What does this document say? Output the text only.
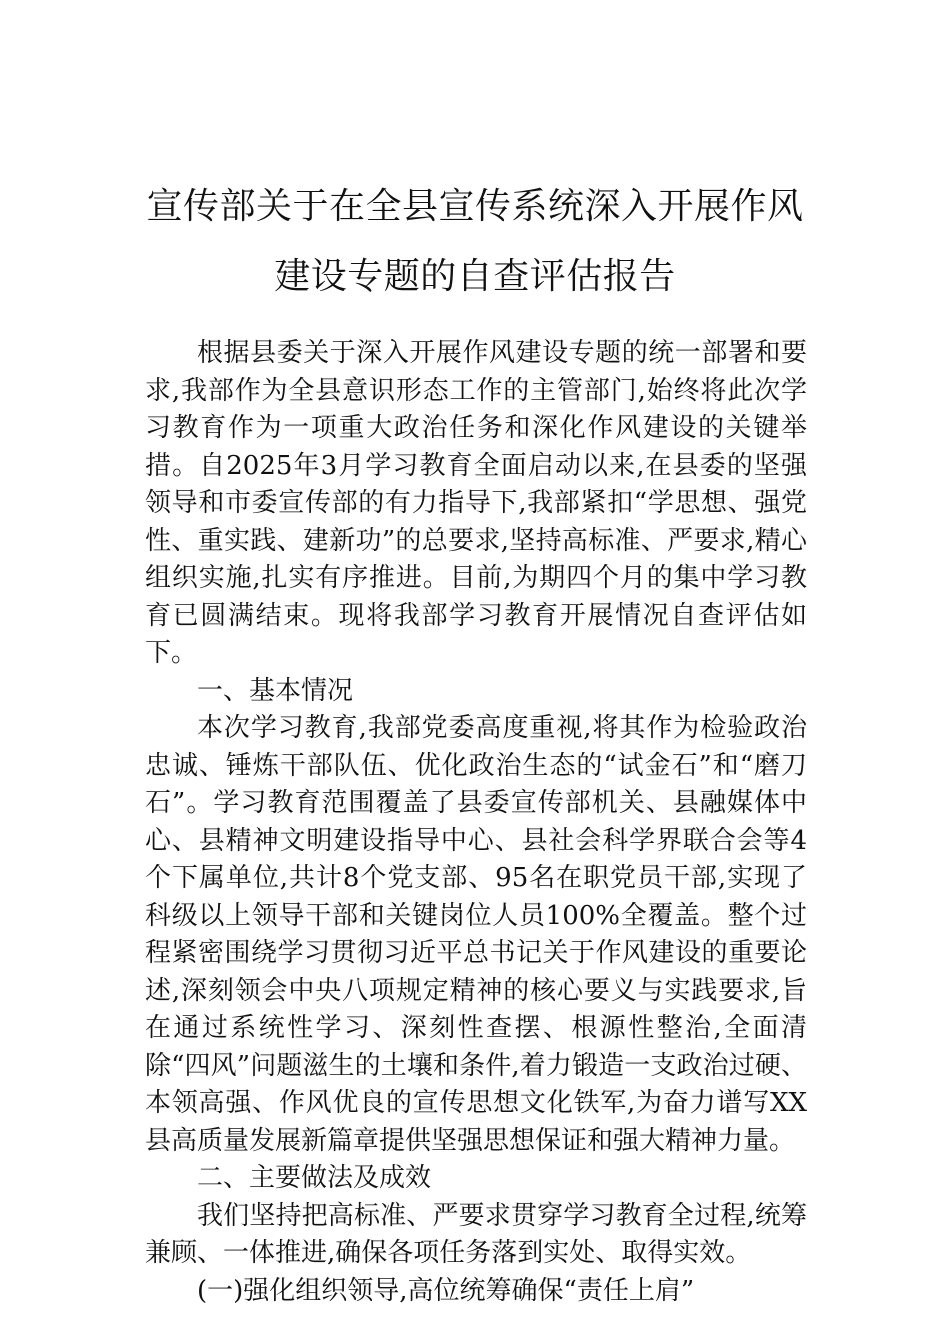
宣传部关于在全县宣传系统深入开展作风
建设专题的自查评估报告

根据县委关于深入开展作风建设专题的统一部署和要求,我部作为全县意识形态工作的主管部门,始终将此次学习教育作为一项重大政治任务和深化作风建设的关键举措。自2025年3月学习教育全面启动以来,在县委的坚强领导和市委宣传部的有力指导下,我部紧扣“学思想、强党性、重实践、建新功”的总要求,坚持高标准、严要求,精心组织实施,扎实有序推进。目前,为期四个月的集中学习教育已圆满结束。现将我部学习教育开展情况自查评估如下。

一、基本情况

本次学习教育,我部党委高度重视,将其作为检验政治忠诚、锤炼干部队伍、优化政治生态的“试金石”和“磨刀石”。学习教育范围覆盖了县委宣传部机关、县融媒体中心、县精神文明建设指导中心、县社会科学界联合会等4个下属单位,共计8个党支部、95名在职党员干部,实现了科级以上领导干部和关键岗位人员100%全覆盖。整个过程紧密围绕学习贯彻习近平总书记关于作风建设的重要论述,深刻领会中央八项规定精神的核心要义与实践要求,旨在通过系统性学习、深刻性查摆、根源性整治,全面清除“四风”问题滋生的土壤和条件,着力锻造一支政治过硬、本领高强、作风优良的宣传思想文化铁军,为奋力谱写XX县高质量发展新篇章提供坚强思想保证和强大精神力量。

二、主要做法及成效

我们坚持把高标准、严要求贯穿学习教育全过程,统筹兼顾、一体推进,确保各项任务落到实处、取得实效。

(一)强化组织领导,高位统筹确保“责任上肩”
